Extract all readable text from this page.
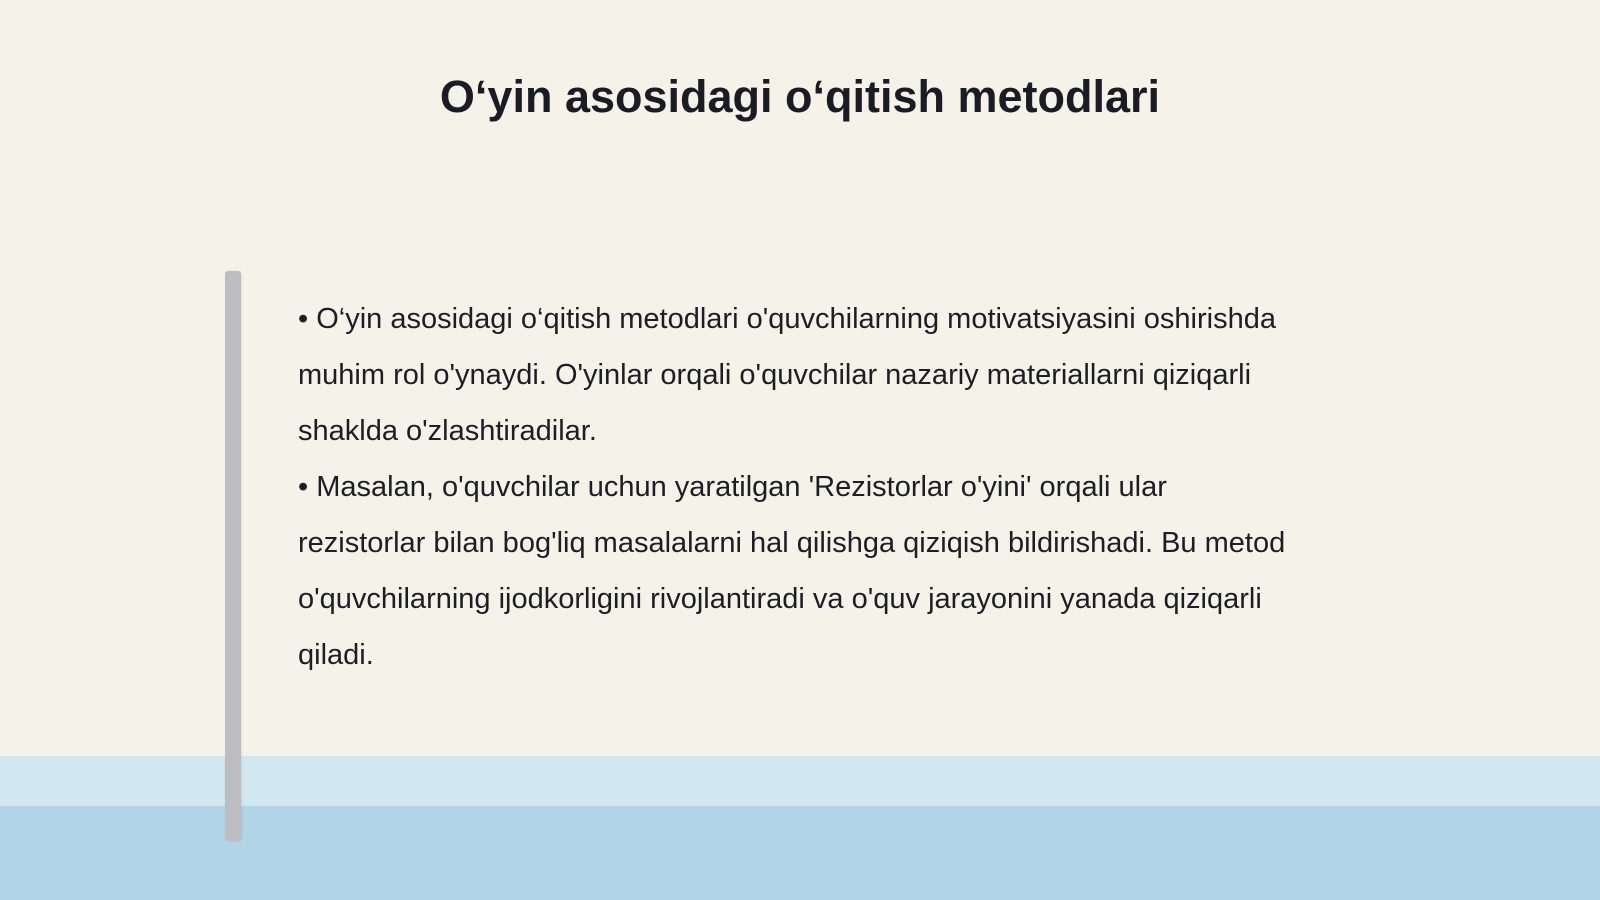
O‘yin asosidagi o‘qitish metodlari

• O‘yin asosidagi o‘qitish metodlari o'quvchilarning motivatsiyasini oshirishda muhim rol o'ynaydi. O'yinlar orqali o'quvchilar nazariy materiallarni qiziqarli shaklda o'zlashtiradilar.

• Masalan, o'quvchilar uchun yaratilgan 'Rezistorlar o'yini' orqali ular rezistorlar bilan bog'liq masalalarni hal qilishga qiziqish bildirishadi. Bu metod o'quvchilarning ijodkorligini rivojlantiradi va o'quv jarayonini yanada qiziqarli qiladi.
